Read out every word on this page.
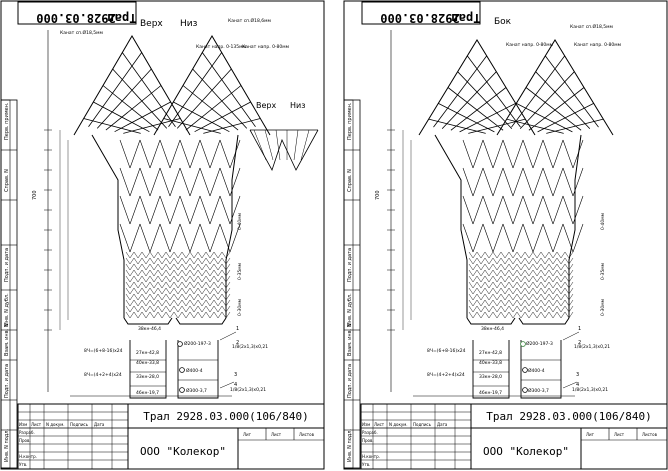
Перв. примен.
Справ. N
Подп. и дата
Инв. N дубл.
Взам. инв. N
Подп. и дата
Инв. N подл.
2928.03.000
Трал Верх Низ
Верх Низ
Канат сп.Ø18,5мм
Канат сп.Ø18,6мм
Канат напр. 0-135мм
Канат напр. 0-80мм
0-40мм
0-35мм
0-30мм
700
38кн-46,4
27кн-42,8
40кн-33,8
33кн-28,0
46кн-19,7
8Ч=(6+8-16)х24
8Ч=(4+2+4)х24
Ø200-197-3
Ø400-4
Ø300-3,7
1/8(2х1,3)х0,21
1/8(2х1,3)х0,21
1
2
3
4
Изм Лист N докум. Подпись Дата
Разраб.
Пров.
Н.контр.
Утв.
Лит	Лист	Листов
Трал 2928.03.000(106/840)
ООО "Колекор"
Перв. примен.
Справ. N
Подп. и дата
Инв. N дубл.
Взам. инв. N
Подп. и дата
Инв. N подл.
2928.03.000
Трал Бок
Канат сп.Ø18,5мм
Канат напр. 0-80мм	Канат напр. 0-80мм
0-40мм
0-35мм
0-30мм
700
38кн-46,4
27кн-42,8
40кн-33,8
33кн-28,0
46кн-19,7
8Ч=(6+8-16)х24
8Ч=(4+2+4)х24
Ø200-197-3
Ø400-4
Ø300-3,7
1/8(2х1,3)х0,21
1/8(2х1,3)х0,21
1
2
3
4
Изм Лист N докум. Подпись Дата
Разраб.
Пров.
Н.контр.
Утв.
Лит	Лист	Листов
Трал 2928.03.000(106/840)
ООО "Колекор"
